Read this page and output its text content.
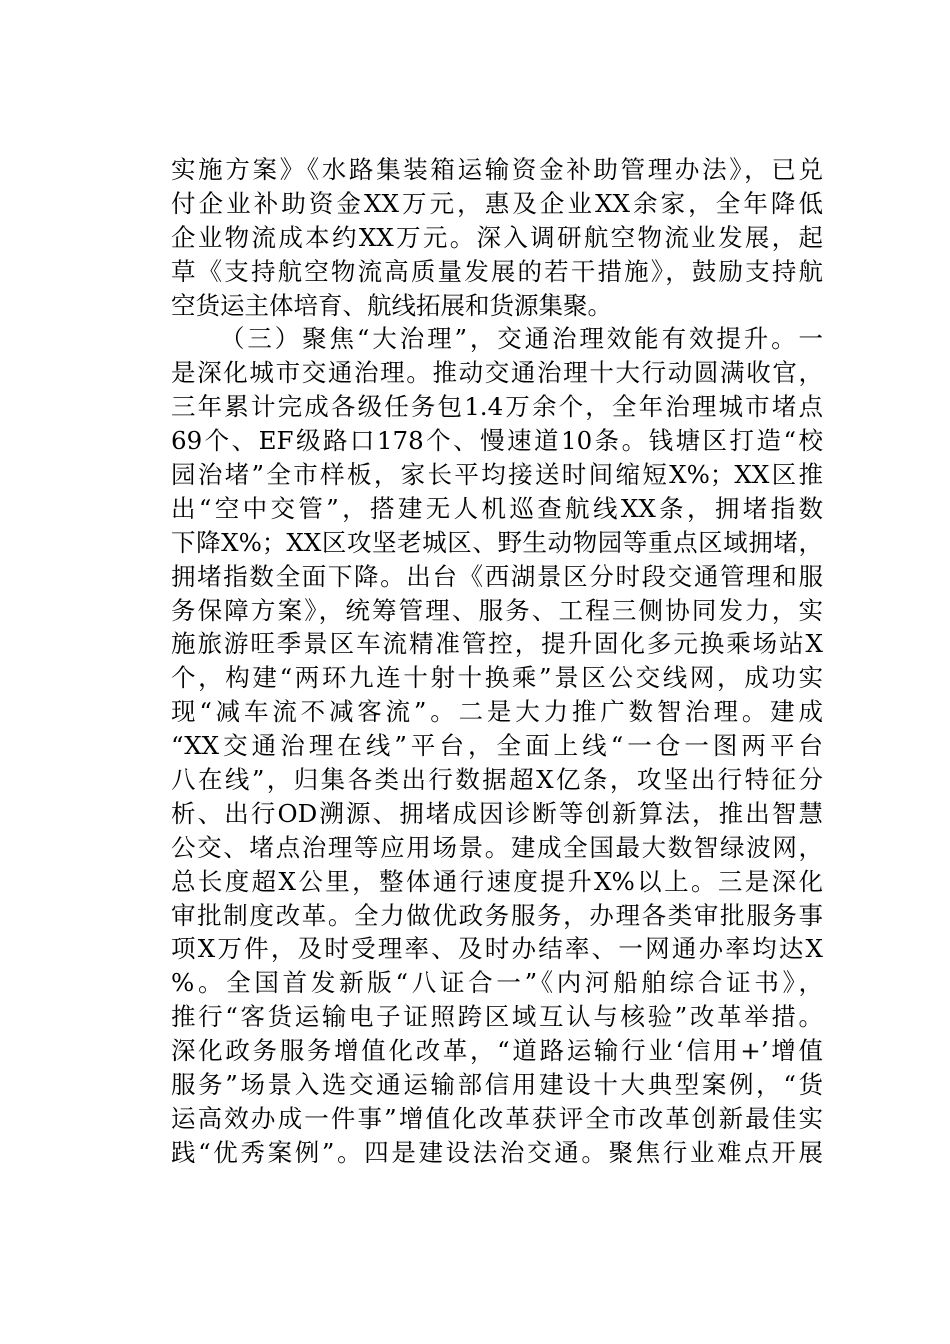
实施方案》《水路集装箱运输资金补助管理办法》，已兑
付企业补助资金XX万元，惠及企业XX余家，全年降低
企业物流成本约XX万元。深入调研航空物流业发展，起
草《支持航空物流高质量发展的若干措施》，鼓励支持航
空货运主体培育、航线拓展和货源集聚。
（三）聚焦“大治理”，交通治理效能有效提升。一
是深化城市交通治理。推动交通治理十大行动圆满收官，
三年累计完成各级任务包1.4万余个，全年治理城市堵点
69个、EF级路口178个、慢速道10条。钱塘区打造“校
园治堵”全市样板，家长平均接送时间缩短X%；XX区推
出“空中交管”，搭建无人机巡查航线XX条，拥堵指数
下降X%；XX区攻坚老城区、野生动物园等重点区域拥堵，
拥堵指数全面下降。出台《西湖景区分时段交通管理和服
务保障方案》，统筹管理、服务、工程三侧协同发力，实
施旅游旺季景区车流精准管控，提升固化多元换乘场站X
个，构建“两环九连十射十换乘”景区公交线网，成功实
现“减车流不减客流”。二是大力推广数智治理。建成
“XX交通治理在线”平台，全面上线“一仓一图两平台
八在线”，归集各类出行数据超X亿条，攻坚出行特征分
析、出行OD溯源、拥堵成因诊断等创新算法，推出智慧
公交、堵点治理等应用场景。建成全国最大数智绿波网，
总长度超X公里，整体通行速度提升X%以上。三是深化
审批制度改革。全力做优政务服务，办理各类审批服务事
项X万件，及时受理率、及时办结率、一网通办率均达X
%。全国首发新版“八证合一”《内河船舶综合证书》，
推行“客货运输电子证照跨区域互认与核验”改革举措。
深化政务服务增值化改革，“道路运输行业‘信用+’增值
服务”场景入选交通运输部信用建设十大典型案例，“货
运高效办成一件事”增值化改革获评全市改革创新最佳实
践“优秀案例”。四是建设法治交通。聚焦行业难点开展
